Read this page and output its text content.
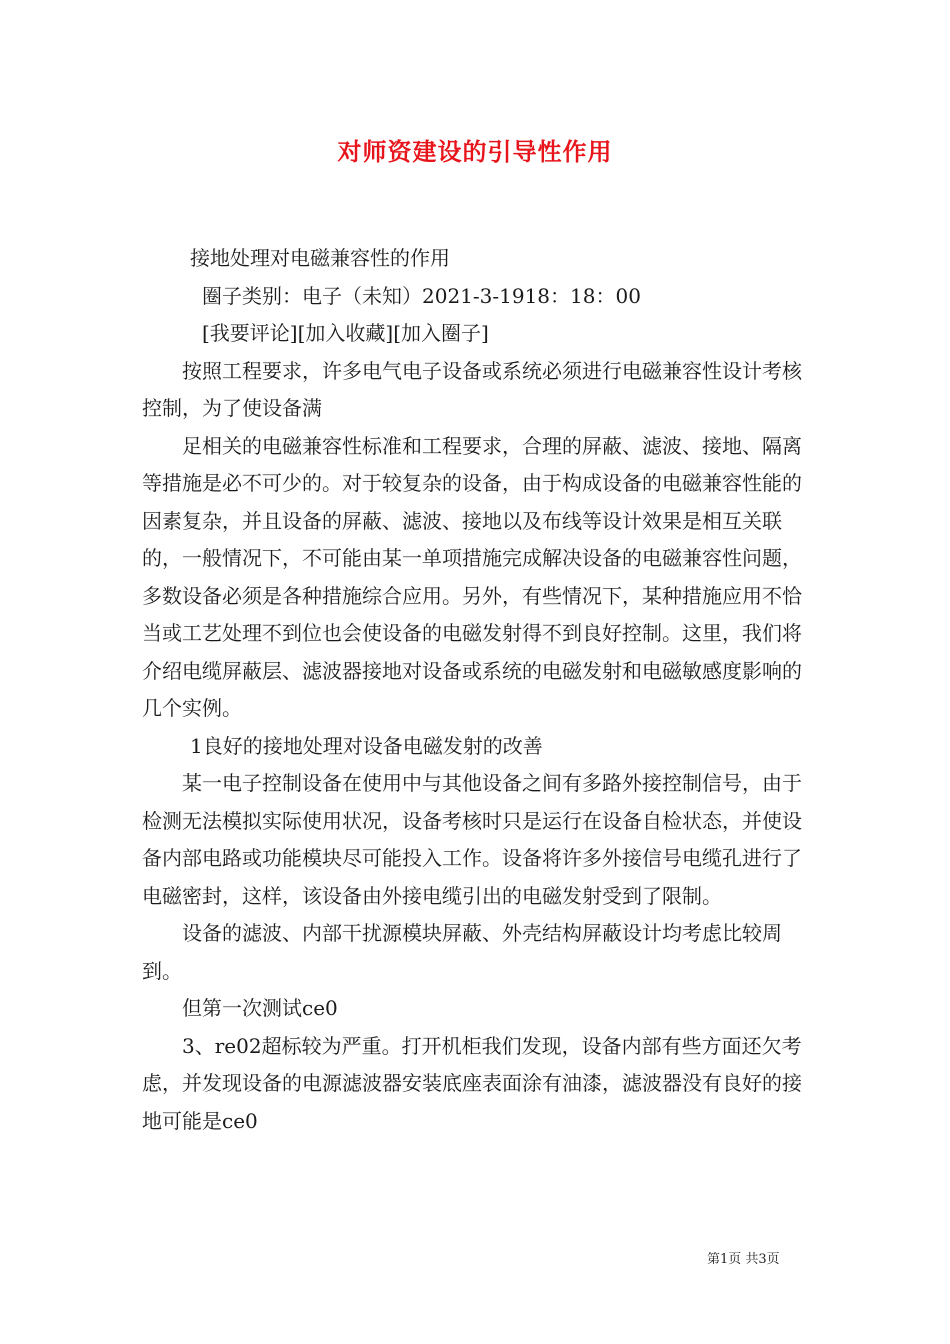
对师资建设的引导性作用

接地处理对电磁兼容性的作用

圈子类别：电子（未知）2021-3-1918：18：00

[我要评论][加入收藏][加入圈子]

按照工程要求，许多电气电子设备或系统必须进行电磁兼容性设计考核控制，为了使设备满

足相关的电磁兼容性标准和工程要求，合理的屏蔽、滤波、接地、隔离等措施是必不可少的。对于较复杂的设备，由于构成设备的电磁兼容性能的因素复杂，并且设备的屏蔽、滤波、接地以及布线等设计效果是相互关联的，一般情况下，不可能由某一单项措施完成解决设备的电磁兼容性问题，多数设备必须是各种措施综合应用。另外，有些情况下，某种措施应用不恰当或工艺处理不到位也会使设备的电磁发射得不到良好控制。这里，我们将介绍电缆屏蔽层、滤波器接地对设备或系统的电磁发射和电磁敏感度影响的几个实例。

1良好的接地处理对设备电磁发射的改善

某一电子控制设备在使用中与其他设备之间有多路外接控制信号，由于检测无法模拟实际使用状况，设备考核时只是运行在设备自检状态，并使设备内部电路或功能模块尽可能投入工作。设备将许多外接信号电缆孔进行了电磁密封，这样，该设备由外接电缆引出的电磁发射受到了限制。

设备的滤波、内部干扰源模块屏蔽、外壳结构屏蔽设计均考虑比较周到。

但第一次测试ce0

3、re02超标较为严重。打开机柜我们发现，设备内部有些方面还欠考虑，并发现设备的电源滤波器安装底座表面涂有油漆，滤波器没有良好的接地可能是ce0

第1页 共3页
